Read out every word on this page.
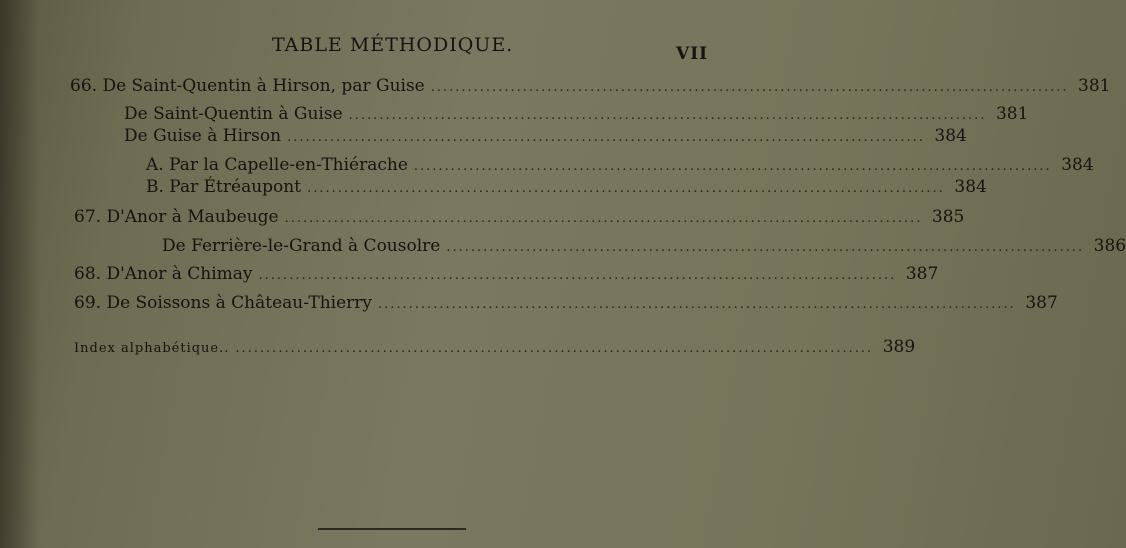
TABLE MÉTHODIQUE.	VII
66. De Saint-Quentin à Hirson, par Guise ........................................................................................................ 381
De Saint-Quentin à Guise ........................................................................................................ 381
De Guise à Hirson ........................................................................................................ 384
A. Par la Capelle-en-Thiérache ........................................................................................................ 384
B. Par Étréaupont ........................................................................................................ 384
67. D'Anor à Maubeuge ........................................................................................................ 385
De Ferrière-le-Grand à Cousolre ........................................................................................................ 386
68. D'Anor à Chimay ........................................................................................................ 387
69. De Soissons à Château-Thierry ........................................................................................................ 387
Index alphabétique.. ........................................................................................................ 389
